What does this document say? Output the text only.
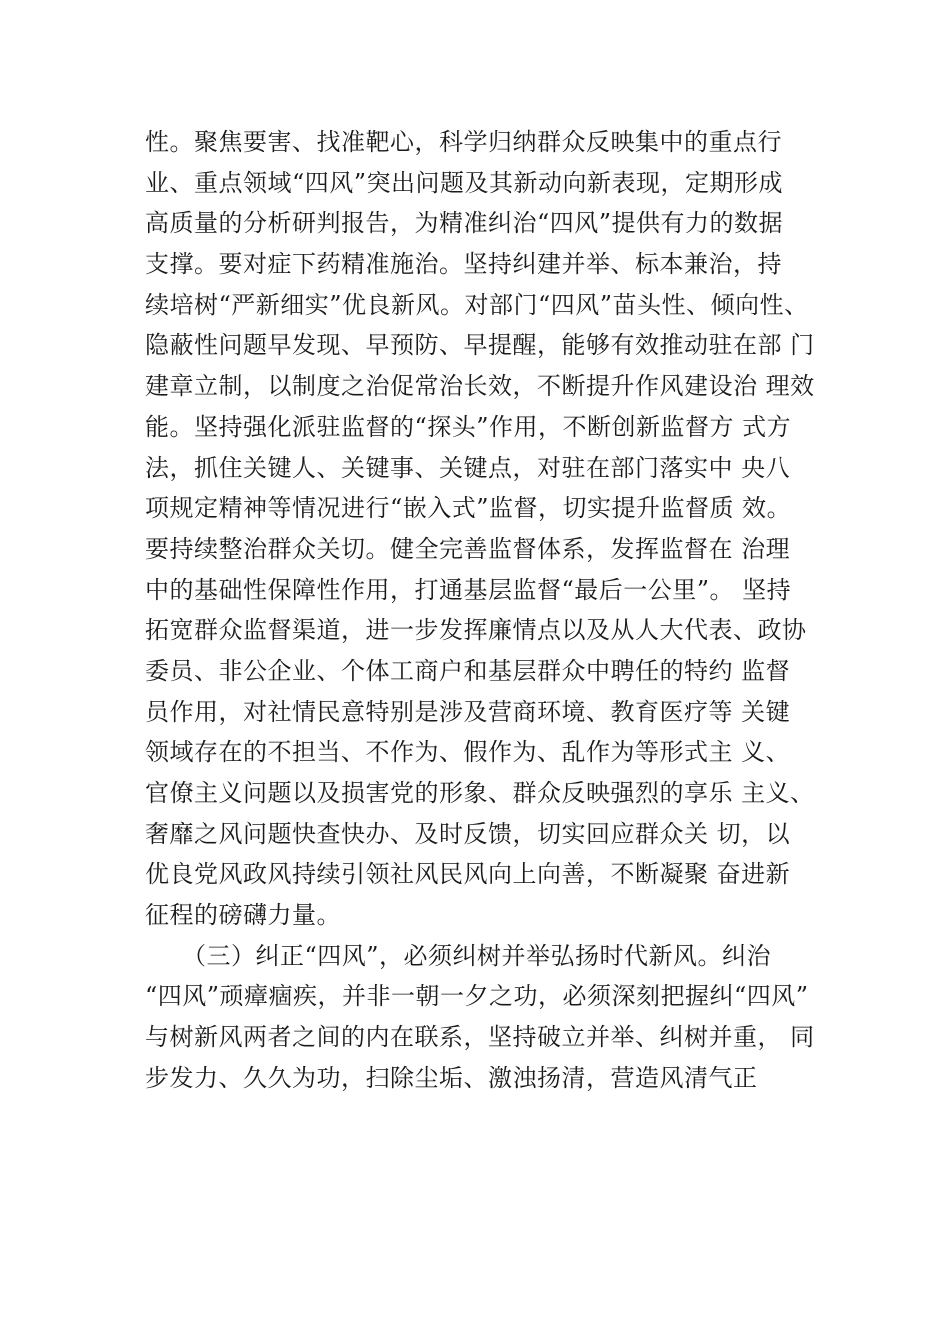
性。聚焦要害、找准靶心，科学归纳群众反映集中的重点行
业、重点领域“四风”突出问题及其新动向新表现，定期形成
高质量的分析研判报告，为精准纠治“四风”提供有力的数据
支撑。要对症下药精准施治。坚持纠建并举、标本兼治，持
续培树“严新细实”优良新风。对部门“四风”苗头性、倾向性、
隐蔽性问题早发现、早预防、早提醒，能够有效推动驻在部 门
建章立制，以制度之治促常治长效，不断提升作风建设治 理效
能。坚持强化派驻监督的“探头”作用，不断创新监督方 式方
法，抓住关键人、关键事、关键点，对驻在部门落实中 央八
项规定精神等情况进行“嵌入式”监督，切实提升监督质 效。
要持续整治群众关切。健全完善监督体系，发挥监督在 治理
中的基础性保障性作用，打通基层监督“最后一公里”。 坚持
拓宽群众监督渠道，进一步发挥廉情点以及从人大代表、政协
委员、非公企业、个体工商户和基层群众中聘任的特约 监督
员作用，对社情民意特别是涉及营商环境、教育医疗等 关键
领域存在的不担当、不作为、假作为、乱作为等形式主 义、
官僚主义问题以及损害党的形象、群众反映强烈的享乐 主义、
奢靡之风问题快查快办、及时反馈，切实回应群众关 切，以
优良党风政风持续引领社风民风向上向善，不断凝聚 奋进新
征程的磅礴力量。
　　（三）纠正“四风”，必须纠树并举弘扬时代新风。纠治
“四风”顽瘴痼疾，并非一朝一夕之功，必须深刻把握纠“四风”
与树新风两者之间的内在联系，坚持破立并举、纠树并重， 同
步发力、久久为功，扫除尘垢、激浊扬清，营造风清气正
